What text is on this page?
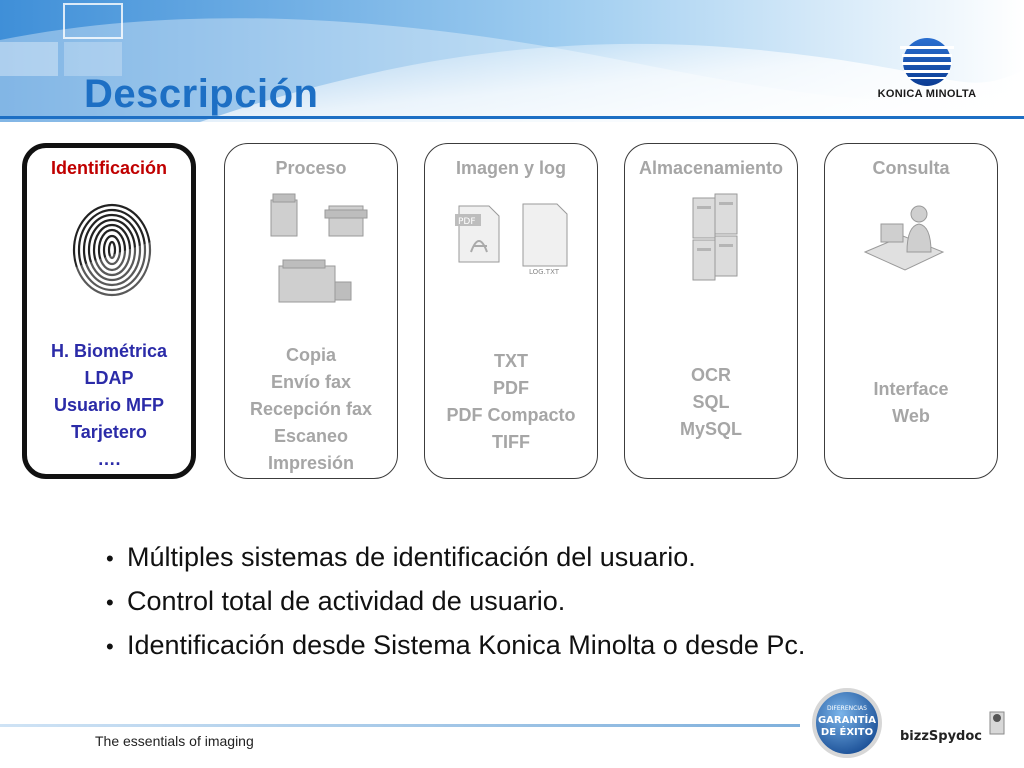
Descripción	KONICA MINOLTA
Identificación
H. Biométrica
LDAP
Usuario MFP
Tarjetero
….
Proceso
Copia
Envío fax
Recepción fax
Escaneo
Impresión
Imagen y log
PDF
LOG.TXT
TXT
PDF
PDF Compacto
TIFF
Almacenamiento
OCR
SQL
MySQL
Consulta
Interface
Web
• Múltiples sistemas de identificación del usuario.
• Control total de actividad de usuario.
• Identificación desde Sistema Konica Minolta o desde Pc.
The essentials of imaging
DIFERENCIAS
GARANTÍA
DE ÉXITO bizzSpydoc
